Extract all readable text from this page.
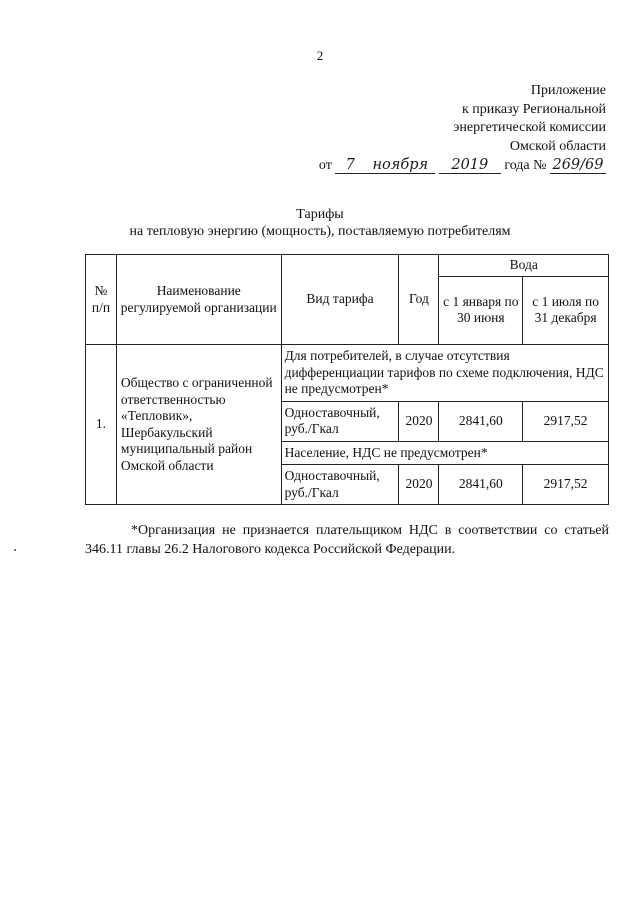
2
Приложение
к приказу Региональной
энергетической комиссии
Омской области
от 7 ноября 2019 года № 269/69
Тарифы
на тепловую энергию (мощность), поставляемую потребителям
№ п/п	Наименование регулируемой организации	Вид тарифа	Год	Вода	
				с 1 января по 30 июня	с 1 июля по 31 декабря
1.	Общество с ограниченной ответственностью «Тепловик», Шербакульский муниципальный район Омской области	Для потребителей, в случае отсутствия дифференциации тарифов по схеме подключения, НДС не предусмотрен*			
		Одноставочный, руб./Гкал	2020	2841,60	2917,52
		Население, НДС не предусмотрен*			
		Одноставочный, руб./Гкал	2020	2841,60	2917,52
*Организация не признается плательщиком НДС в соответствии со статьей 346.11 главы 26.2 Налогового кодекса Российской Федерации.
